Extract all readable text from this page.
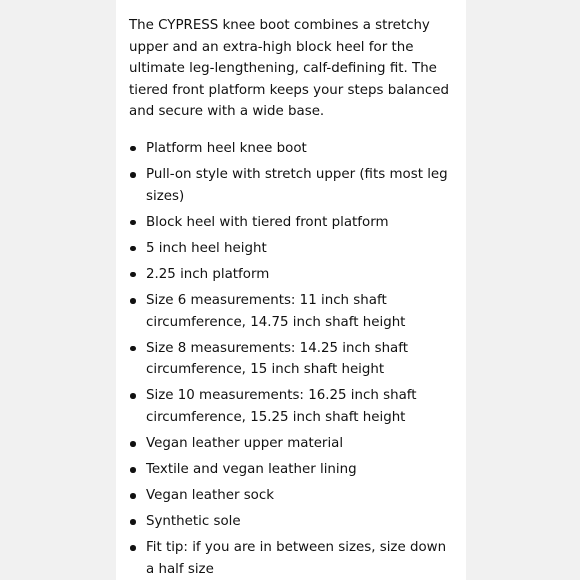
The CYPRESS knee boot combines a stretchy upper and an extra-high block heel for the ultimate leg-lengthening, calf-defining fit. The tiered front platform keeps your steps balanced and secure with a wide base.

Platform heel knee boot
Pull-on style with stretch upper (fits most leg sizes)
Block heel with tiered front platform
5 inch heel height
2.25 inch platform
Size 6 measurements: 11 inch shaft circumference, 14.75 inch shaft height
Size 8 measurements: 14.25 inch shaft circumference, 15 inch shaft height
Size 10 measurements: 16.25 inch shaft circumference, 15.25 inch shaft height
Vegan leather upper material
Textile and vegan leather lining
Vegan leather sock
Synthetic sole
Fit tip: if you are in between sizes, size down a half size
